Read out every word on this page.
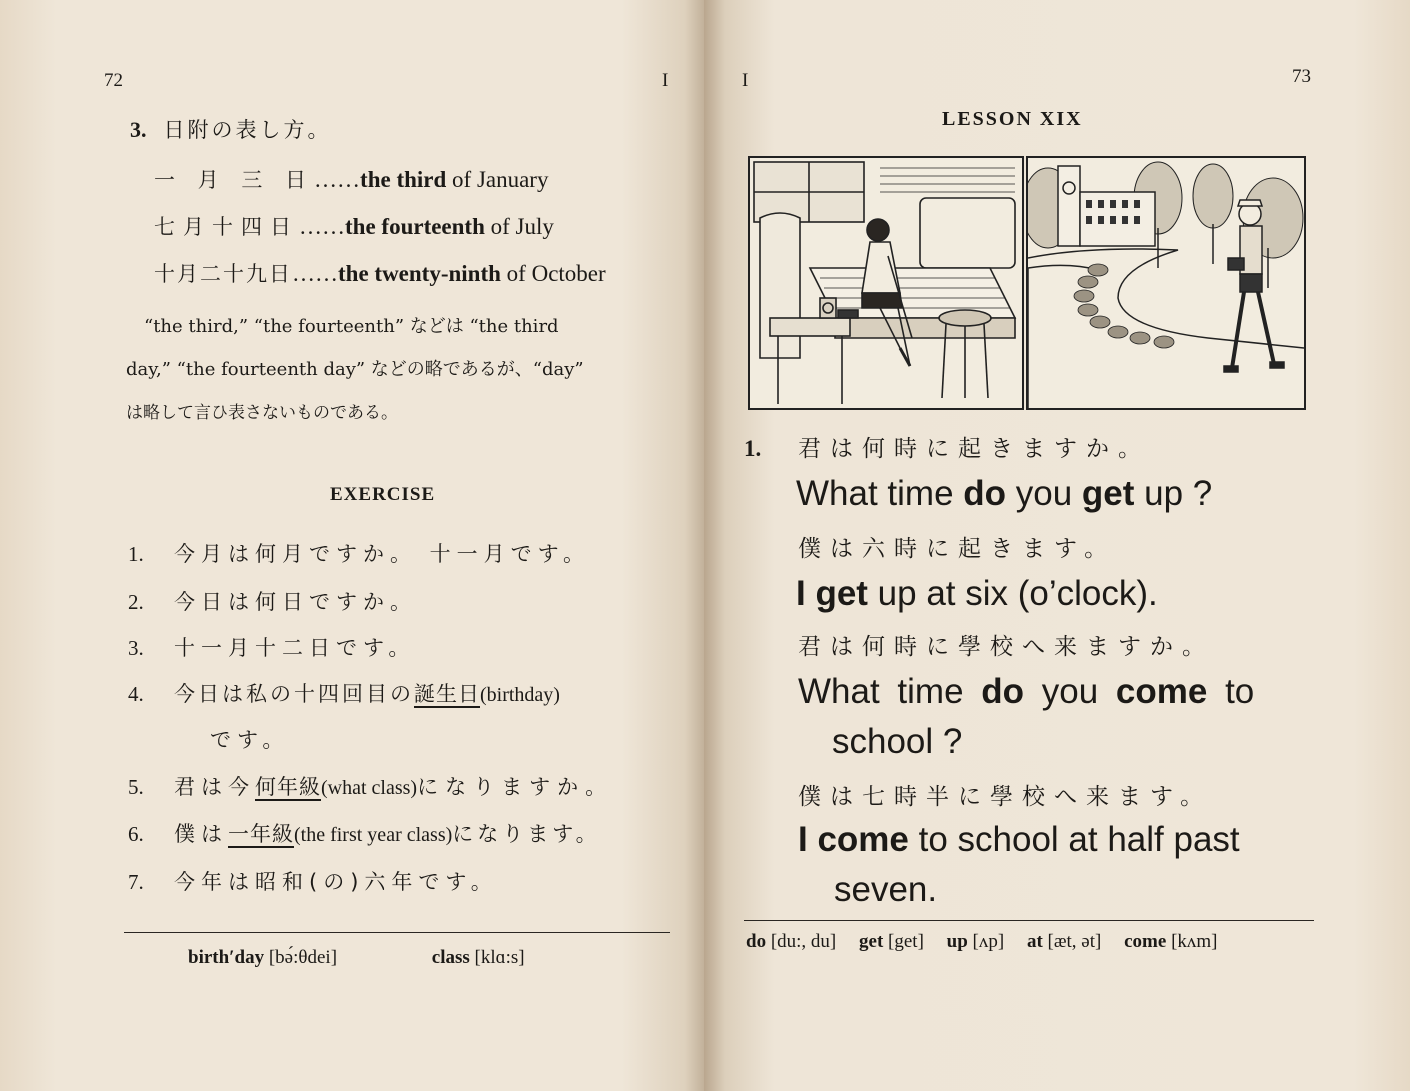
72	I
3. 日附の表し方。
一 月 三 日……the third of January
七月十四日……the fourteenth of July
十月二十九日……the twenty-ninth of October
“the third,” “the fourteenth” などは “the third
day,” “the fourteenth day” などの略であるが、“day”
は略して言ひ表さないものである。
EXERCISE
1. 今月は何月ですか。 十一月です。
2. 今日は何日ですか。
3. 十一月十二日です。
4. 今日は私の十四回目の誕生日(birthday)
です。
5. 君は今何年級(what class)になりますか。
6. 僕は一年級(the first year class)になります。
7. 今年は昭和(の)六年です。
birth′day [bə́:θdei]	class [klɑ:s]
I	73
LESSON XIX
1. 君は何時に起きますか。
What time do you get up ?
僕は六時に起きます。
I get up at six (o’clock).
君は何時に學校へ来ますか。
What time do you come to
school ?
僕は七時半に學校へ来ます。
I come to school at half past
seven.
do [du:, du] get [get] up [ʌp] at [æt, ət] come [kʌm]
